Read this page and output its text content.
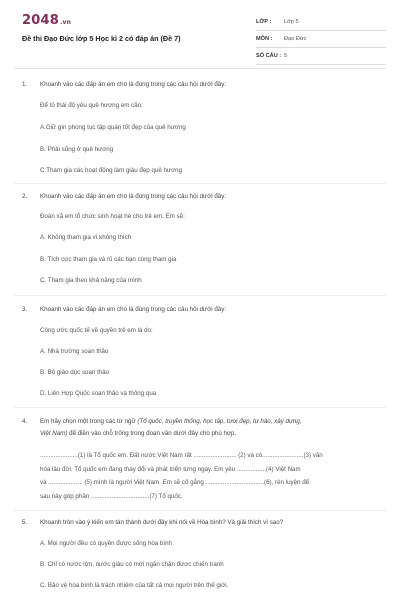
2048.vn
Đề thi Đạo Đức lớp 5 Học kì 2 có đáp án (Đề 7)
LỚP :	Lớp 5
MÔN :	Đạo Đức
SỐ CÂU : 5
1. Khoanh vào các đáp án em cho là đúng trong các câu hỏi dưới đây:
Để tỏ thái độ yêu quê hương em cần:
A.Giữ gìn phong tục tập quán tốt đẹp của quê hương
B. Phải sống ở quê hương
C.Tham gia các hoạt động làm giàu đẹp quê hương
2. Khoanh vào các đáp án em cho là đúng trong các câu hỏi dưới đây:
Đoàn xã em tổ chức sinh hoạt hè cho trẻ em. Em sẽ:
A. Không tham gia vì không thích
B. Tích cực tham gia và rủ các bạn cùng tham gia
C. Tham gia theo khả năng của mình
3. Khoanh vào các đáp án em cho là đúng trong các câu hỏi dưới đây:
Công ước quốc tế về quyền trẻ em là do:
A. Nhà trường soạn thảo
B. Bộ giáo dục soạn thảo
D. Liên Hợp Quốc soạn thảo và thông qua
4. Em hãy chọn một trong các từ ngữ (Tổ quốc, truyền thống, học tập, tươi đẹp, tự hào, xây dựng,
Việt Nam) để điền vào chỗ trống trong đoạn văn dưới đây cho phù hợp.
......................(1) là Tổ quốc em. Đất nước Việt Nam rất ......................... (2) và có........................(3) văn
hóa lâu đời. Tổ quốc em đang thay đổi và phát triển từng ngày. Em yêu .................(4) Việt Nam
và .................... (5) mình là người Việt Nam. Em sẽ cố gắng ..................................(6), rèn luyện để
sau này góp phần ..................................(7) Tổ quốc.
5. Khoanh tròn vào ý kiến em tán thành dưới đây khi nói về Hòa bình? Và giải thích vì sao?
A. Mọi người đều có quyền được sống hòa bình
B. Chỉ có nước lớn, nước giàu có mới ngăn chặn được chiến tranh
C. Bảo vệ hòa bình là trách nhiệm của tất cả mọi người trên thế giới.
